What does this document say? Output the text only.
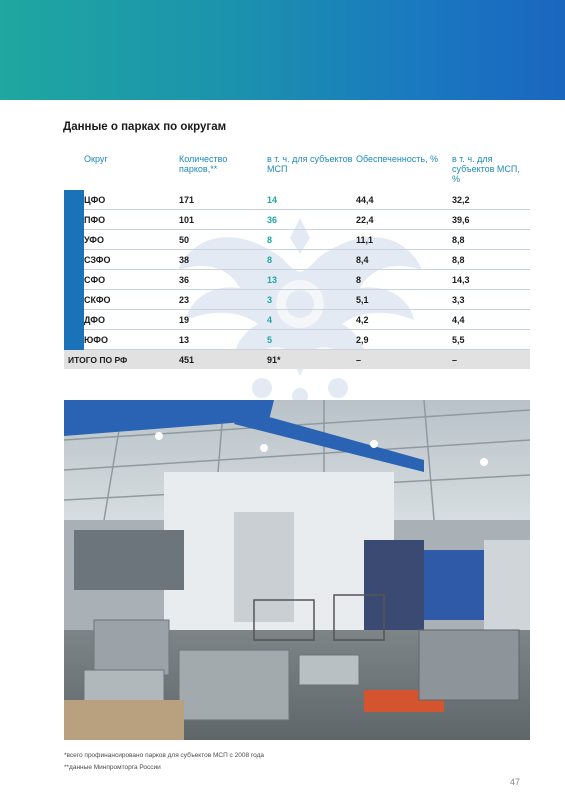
Данные о парках по округам
	Округ	Количество парков,**	в т. ч. для субъектов МСП	Обеспеченность, %	в т. ч. для субъектов МСП, %
	ЦФО	171	14	44,4	32,2
	ПФО	101	36	22,4	39,6
	УФО	50	8	11,1	8,8
	СЗФО	38	8	8,4	8,8
	СФО	36	13	8	14,3
	СКФО	23	3	5,1	3,3
	ДФО	19	4	4,2	4,4
	ЮФО	13	5	2,9	5,5
ИТОГО ПО РФ		451	91*	–	–
*всего профинансировано парков для субъектов МСП с 2008 года
**данные Минпромторга России
47
